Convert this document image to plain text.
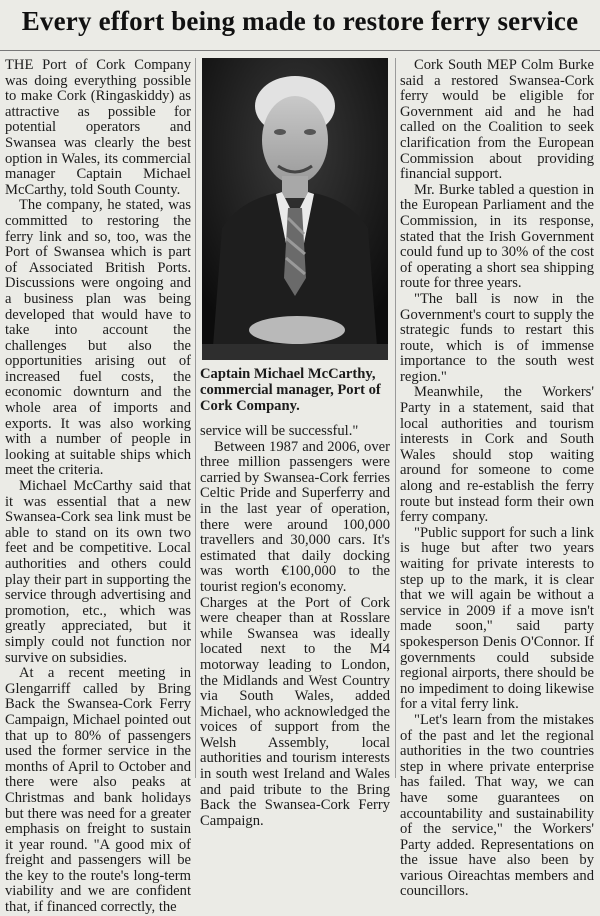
Every effort being made to restore ferry service

THE Port of Cork Company was doing everything possible to make Cork (Ringaskiddy) as attractive as possible for potential operators and Swansea was clearly the best option in Wales, its commercial manager Captain Michael McCarthy, told South County.

The company, he stated, was committed to restoring the ferry link and so, too, was the Port of Swansea which is part of Associated British Ports. Discussions were ongoing and a business plan was being developed that would have to take into account the challenges but also the opportunities arising out of increased fuel costs, the economic downturn and the whole area of imports and exports. It was also working with a number of people in looking at suitable ships which meet the criteria.

Michael McCarthy said that it was essential that a new Swansea-Cork sea link must be able to stand on its own two feet and be competitive. Local authorities and others could play their part in supporting the service through advertising and promotion, etc., which was greatly appreciated, but it simply could not function nor survive on subsidies.

At a recent meeting in Glengarriff called by Bring Back the Swansea-Cork Ferry Campaign, Michael pointed out that up to 80% of passengers used the former service in the months of April to October and there were also peaks at Christmas and bank holidays but there was need for a greater emphasis on freight to sustain it year round. "A good mix of freight and passengers will be the key to the route's long-term viability and we are confident that, if financed correctly, the

Captain Michael McCarthy, commercial manager, Port of Cork Company.

service will be successful."

Between 1987 and 2006, over three million passengers were carried by Swansea-Cork ferries Celtic Pride and Superferry and in the last year of operation, there were around 100,000 travellers and 30,000 cars. It's estimated that daily docking was worth €100,000 to the tourist region's economy.

Charges at the Port of Cork were cheaper than at Rosslare while Swansea was ideally located next to the M4 motorway leading to London, the Midlands and West Country via South Wales, added Michael, who acknowledged the voices of support from the Welsh Assembly, local authorities and tourism interests in south west Ireland and Wales and paid tribute to the Bring Back the Swansea-Cork Ferry Campaign.

Cork South MEP Colm Burke said a restored Swansea-Cork ferry would be eligible for Government aid and he had called on the Coalition to seek clarification from the European Commission about providing financial support.

Mr. Burke tabled a question in the European Parliament and the Commission, in its response, stated that the Irish Government could fund up to 30% of the cost of operating a short sea shipping route for three years.

"The ball is now in the Government's court to supply the strategic funds to restart this route, which is of immense importance to the south west region."

Meanwhile, the Workers' Party in a statement, said that local authorities and tourism interests in Cork and South Wales should stop waiting around for someone to come along and re-establish the ferry route but instead form their own ferry company.

"Public support for such a link is huge but after two years waiting for private interests to step up to the mark, it is clear that we will again be without a service in 2009 if a move isn't made soon," said party spokesperson Denis O'Connor. If governments could subside regional airports, there should be no impediment to doing likewise for a vital ferry link.

"Let's learn from the mistakes of the past and let the regional authorities in the two countries step in where private enterprise has failed. That way, we can have some guarantees on accountability and sustainability of the service," the Workers' Party added. Representations on the issue have also been by various Oireachtas members and councillors.
